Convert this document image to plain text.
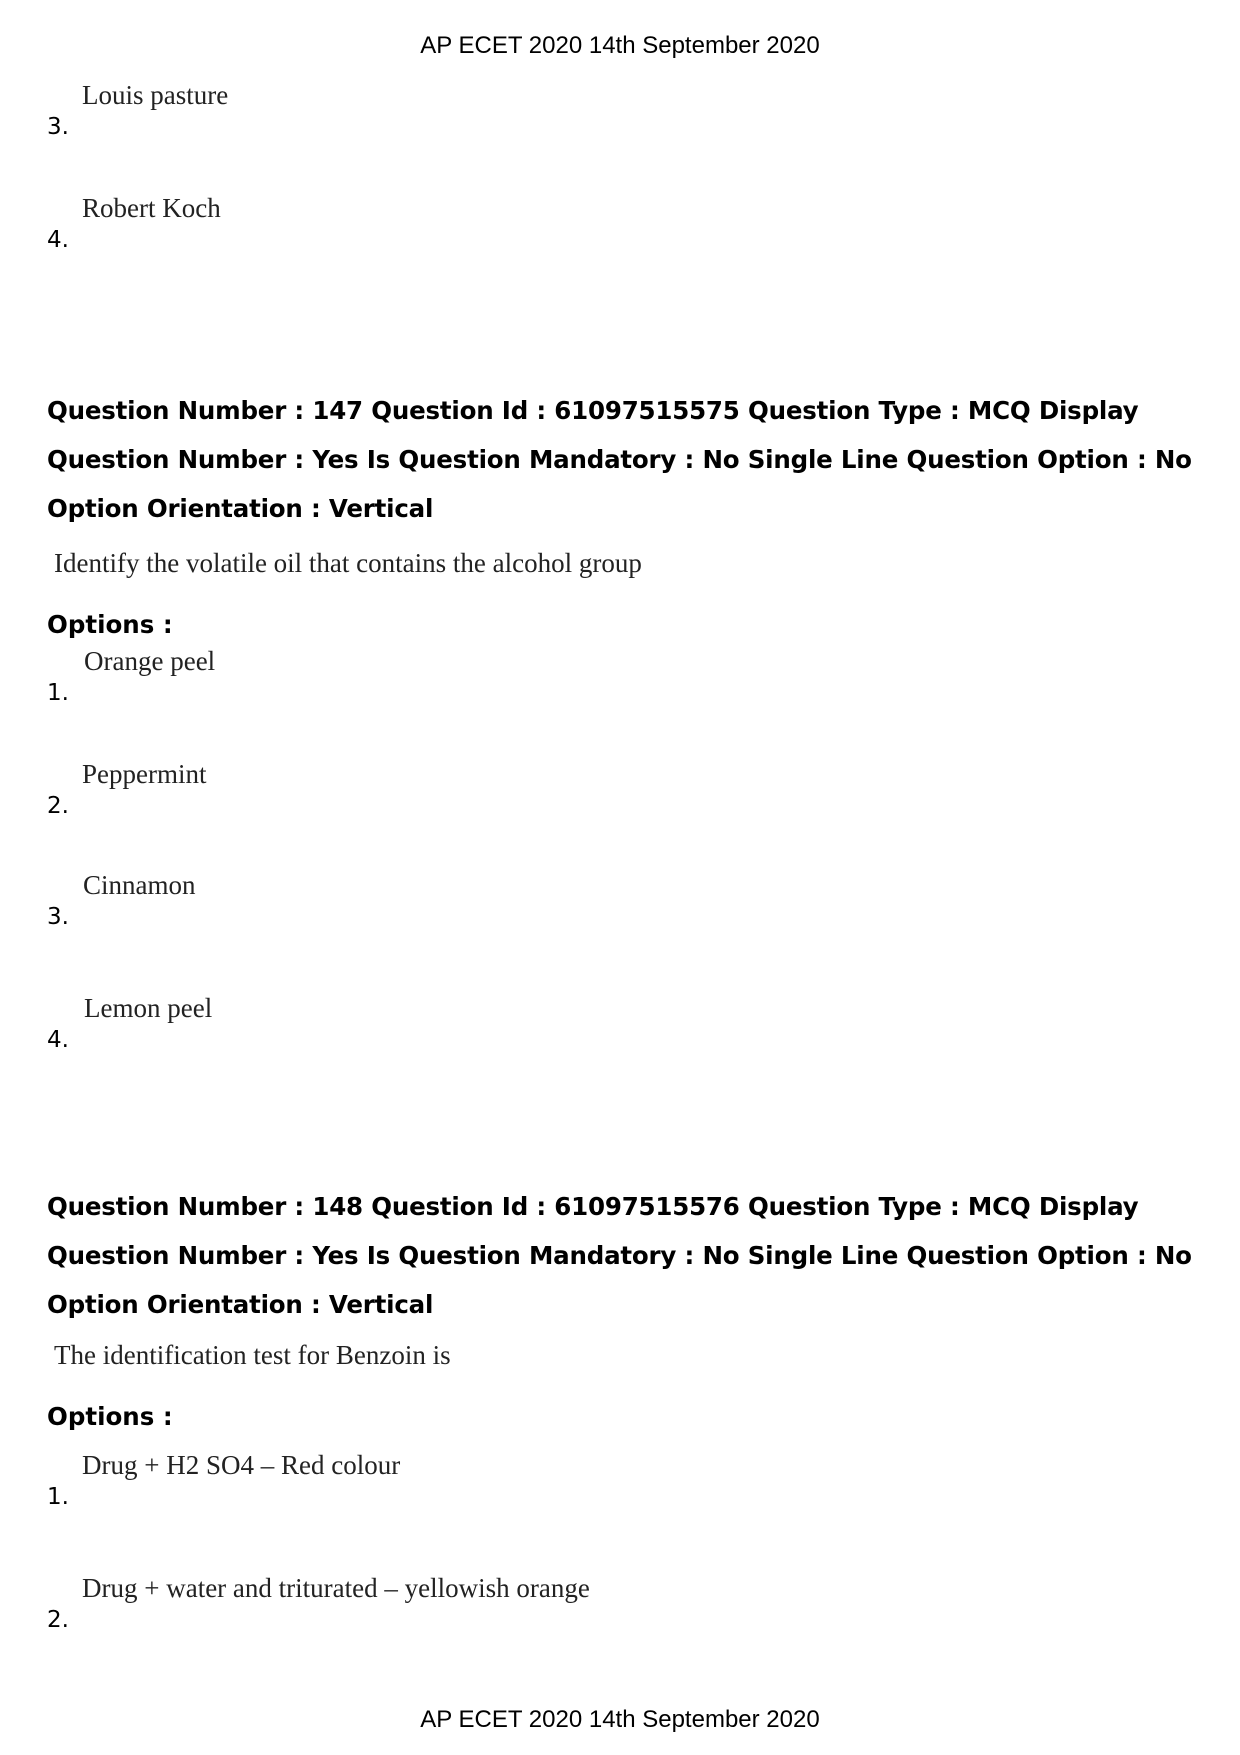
AP ECET 2020 14th September 2020
3.
Louis pasture
4.
Robert Koch
Question Number : 147 Question Id : 61097515575 Question Type : MCQ Display Question Number : Yes Is Question Mandatory : No Single Line Question Option : No Option Orientation : Vertical
Identify the volatile oil that contains the alcohol group
Options :
1.
Orange peel
2.
Peppermint
3.
Cinnamon
4.
Lemon peel
Question Number : 148 Question Id : 61097515576 Question Type : MCQ Display Question Number : Yes Is Question Mandatory : No Single Line Question Option : No Option Orientation : Vertical
The identification test for Benzoin is
Options :
1.
Drug + H2 SO4 – Red colour
2.
Drug + water and triturated – yellowish orange
AP ECET 2020 14th September 2020
